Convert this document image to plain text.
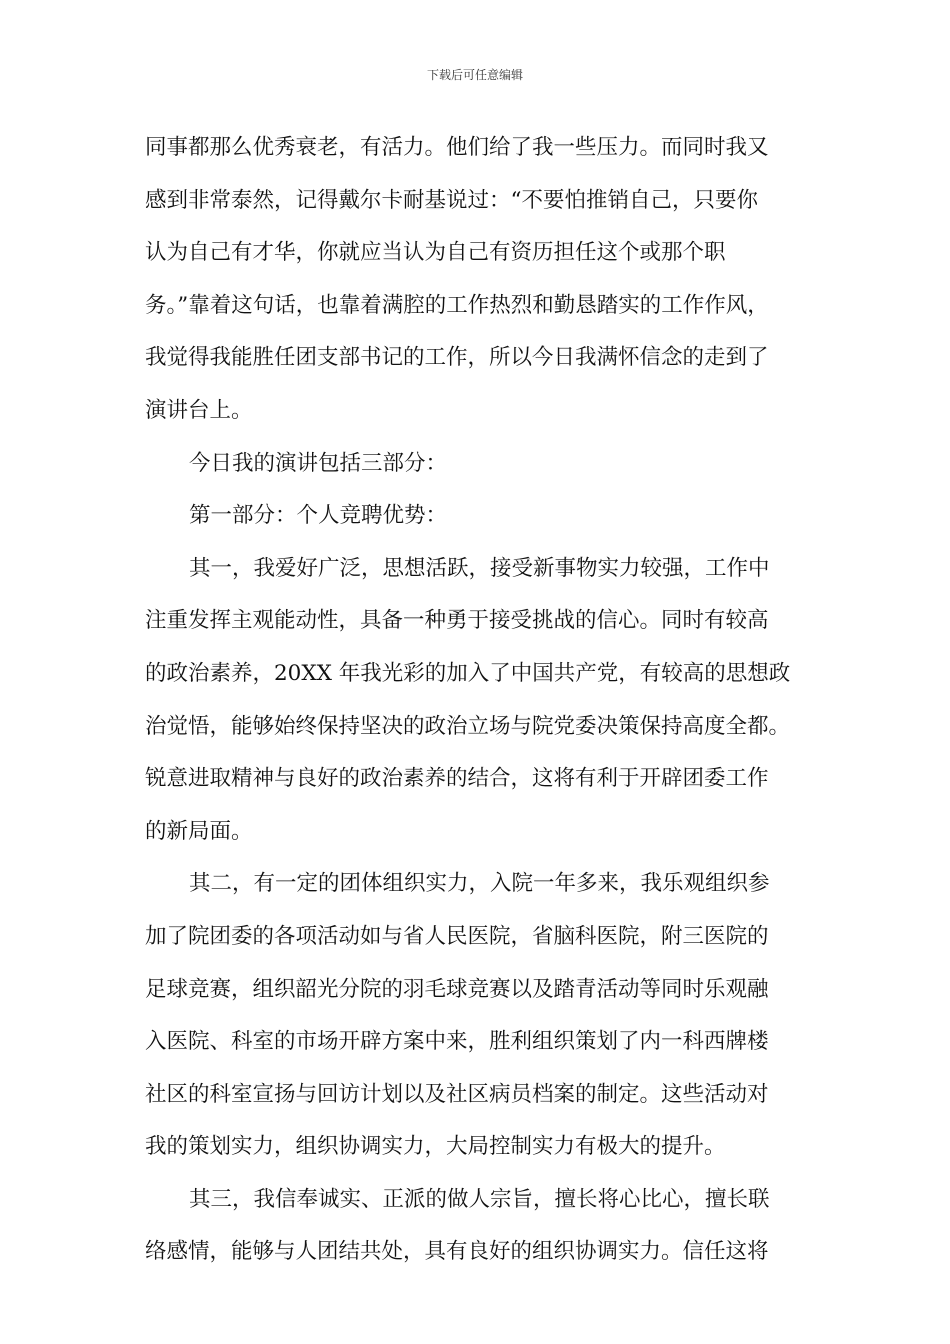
下载后可任意编辑
同事都那么优秀衰老，有活力。他们给了我一些压力。而同时我又
感到非常泰然，记得戴尔卡耐基说过：“不要怕推销自己，只要你
认为自己有才华，你就应当认为自己有资历担任这个或那个职
务。”靠着这句话，也靠着满腔的工作热烈和勤恳踏实的工作作风，
我觉得我能胜任团支部书记的工作，所以今日我满怀信念的走到了
演讲台上。
今日我的演讲包括三部分：
第一部分：个人竞聘优势：
其一，我爱好广泛，思想活跃，接受新事物实力较强，工作中
注重发挥主观能动性，具备一种勇于接受挑战的信心。同时有较高
的政治素养，20XX 年我光彩的加入了中国共产党，有较高的思想政
治觉悟，能够始终保持坚决的政治立场与院党委决策保持高度全都。
锐意进取精神与良好的政治素养的结合，这将有利于开辟团委工作
的新局面。
其二，有一定的团体组织实力，入院一年多来，我乐观组织参
加了院团委的各项活动如与省人民医院，省脑科医院，附三医院的
足球竞赛，组织韶光分院的羽毛球竞赛以及踏青活动等同时乐观融
入医院、科室的市场开辟方案中来，胜利组织策划了内一科西牌楼
社区的科室宣扬与回访计划以及社区病员档案的制定。这些活动对
我的策划实力，组织协调实力，大局控制实力有极大的提升。
其三，我信奉诚实、正派的做人宗旨，擅长将心比心，擅长联
络感情，能够与人团结共处，具有良好的组织协调实力。信任这将
